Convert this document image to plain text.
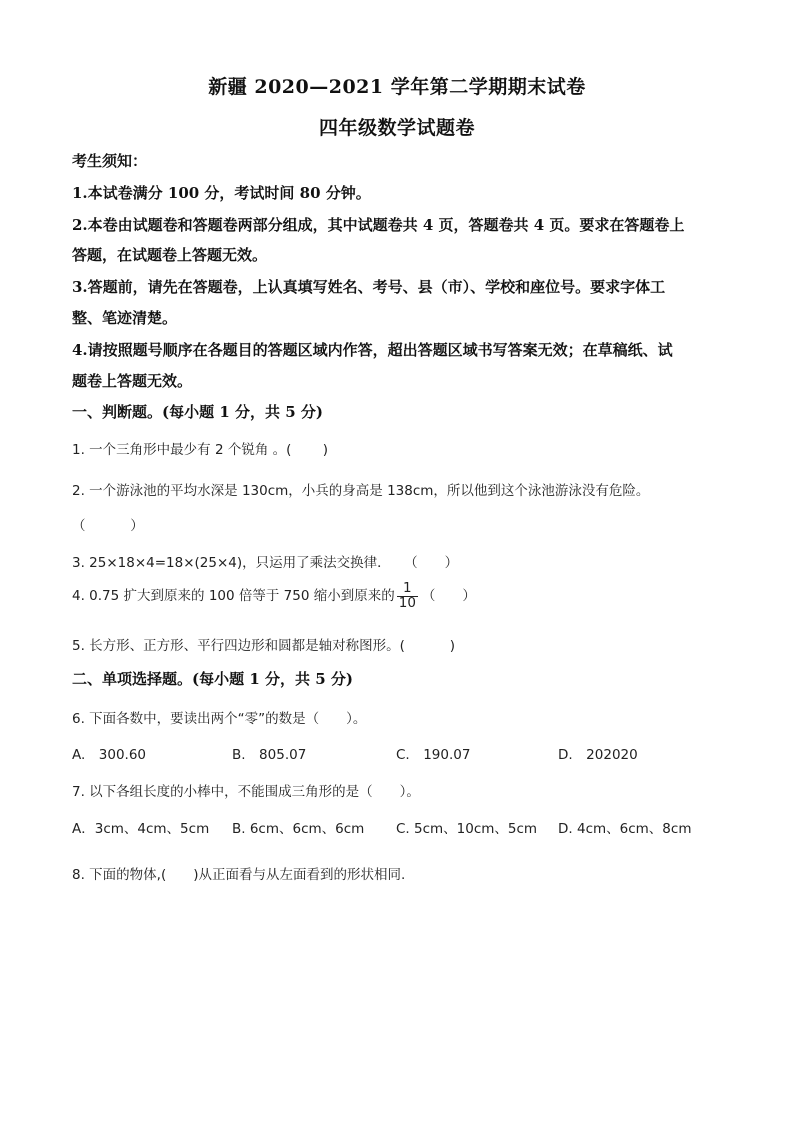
新疆 2020—2021 学年第二学期期末试卷
四年级数学试题卷
考生须知：
1.本试卷满分 100 分，考试时间 80 分钟。
2.本卷由试题卷和答题卷两部分组成，其中试题卷共 4 页，答题卷共 4 页。要求在答题卷上
答题，在试题卷上答题无效。
3.答题前，请先在答题卷，上认真填写姓名、考号、县（市）、学校和座位号。要求字体工
整、笔迹清楚。
4.请按照题号顺序在各题目的答题区域内作答，超出答题区域书写答案无效；在草稿纸、试
题卷上答题无效。
一、判断题。(每小题 1 分，共 5 分)
1. 一个三角形中最少有 2 个锐角 。(　　 )
2. 一个游泳池的平均水深是 130cm，小兵的身高是 138cm，所以他到这个泳池游泳没有危险。
（　　　 ）
3. 25×18×4=18×(25×4)，只运用了乘法交换律．　　（　　）
4. 0.75 扩大到原来的 100 倍等于 750 缩小到原来的 $\frac{1}{10}$ （　　）
5. 长方形、正方形、平行四边形和圆都是轴对称图形。(　　　 )
二、单项选择题。(每小题 1 分，共 5 分)
6. 下面各数中，要读出两个“零”的数是（　　）。
A.　300.60	B.　805.07	C.　190.07	D.　202020
7. 以下各组长度的小棒中，不能围成三角形的是（　　）。
A．3cm、4cm、5cm B. 6cm、6cm、6cm C. 5cm、10cm、5cm D. 4cm、6cm、8cm
8. 下面的物体,(　　)从正面看与从左面看到的形状相同.
